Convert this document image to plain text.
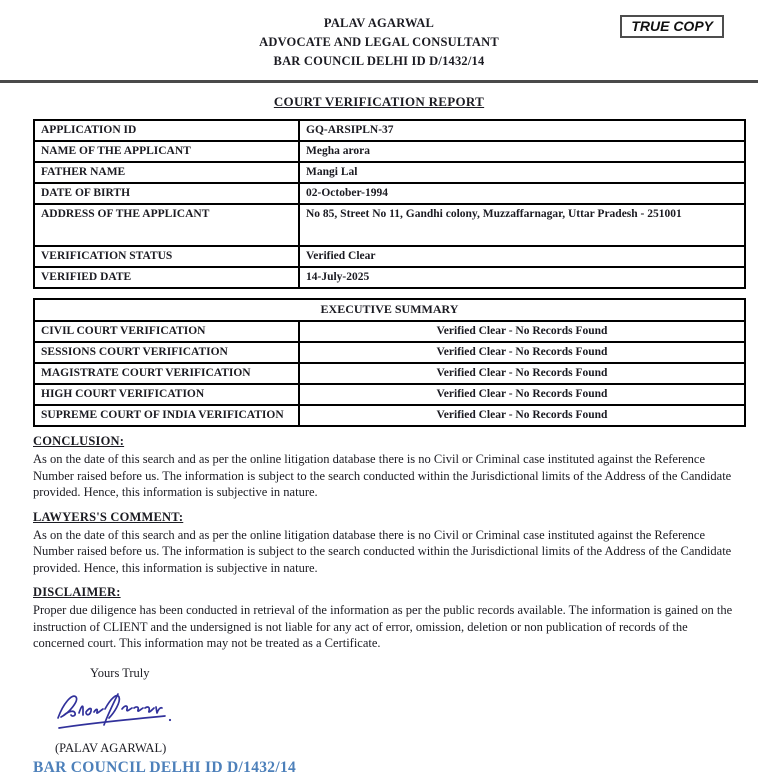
PALAV AGARWAL
ADVOCATE AND LEGAL CONSULTANT
BAR COUNCIL DELHI ID D/1432/14
TRUE COPY
COURT VERIFICATION REPORT
APPLICATION ID	GQ-ARSIPLN-37
NAME OF THE APPLICANT	Megha arora
FATHER NAME	Mangi Lal
DATE OF BIRTH	02-October-1994
ADDRESS OF THE APPLICANT	No 85, Street No 11, Gandhi colony, Muzzaffarnagar, Uttar Pradesh - 251001
VERIFICATION STATUS	Verified Clear
VERIFIED DATE	14-July-2025
EXECUTIVE SUMMARY	
CIVIL COURT VERIFICATION	Verified Clear - No Records Found
SESSIONS COURT VERIFICATION	Verified Clear - No Records Found
MAGISTRATE COURT VERIFICATION	Verified Clear - No Records Found
HIGH COURT VERIFICATION	Verified Clear - No Records Found
SUPREME COURT OF INDIA VERIFICATION	Verified Clear - No Records Found
CONCLUSION:

As on the date of this search and as per the online litigation database there is no Civil or Criminal case instituted against the Reference Number raised before us. The information is subject to the search conducted within the Jurisdictional limits of the Address of the Candidate provided. Hence, this information is subjective in nature.

LAWYERS'S COMMENT:

As on the date of this search and as per the online litigation database there is no Civil or Criminal case instituted against the Reference Number raised before us. The information is subject to the search conducted within the Jurisdictional limits of the Address of the Candidate provided. Hence, this information is subjective in nature.

DISCLAIMER:

Proper due diligence has been conducted in retrieval of the information as per the public records available. The information is gained on the instruction of CLIENT and the undersigned is not liable for any act of error, omission, deletion or non publication of records of the concerned court. This information may not be treated as a Certificate.

Yours Truly
(PALAV AGARWAL)
BAR COUNCIL DELHI ID D/1432/14
